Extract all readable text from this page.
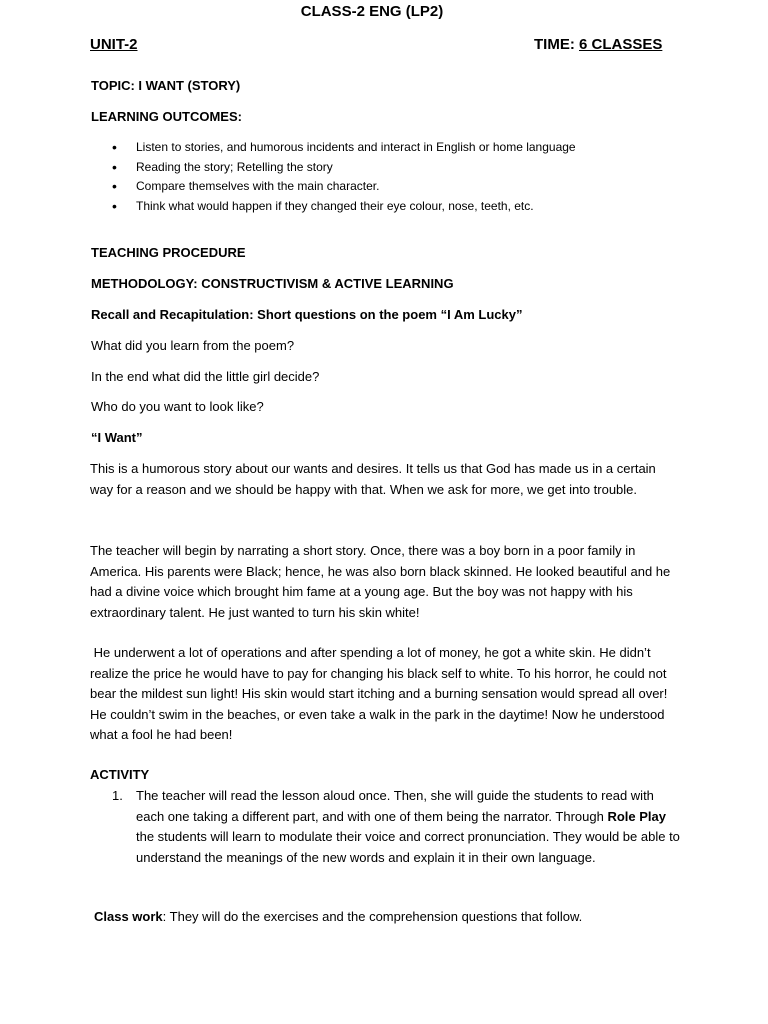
CLASS-2 ENG (LP2)
UNIT-2	TIME: 6 CLASSES
TOPIC: I WANT (STORY)
LEARNING OUTCOMES:
• Listen to stories, and humorous incidents and interact in English or home language
• Reading the story; Retelling the story
• Compare themselves with the main character.
• Think what would happen if they changed their eye colour, nose, teeth, etc.
TEACHING PROCEDURE
METHODOLOGY: CONSTRUCTIVISM & ACTIVE LEARNING
Recall and Recapitulation: Short questions on the poem “I Am Lucky”
What did you learn from the poem?
In the end what did the little girl decide?
Who do you want to look like?
“I Want”
This is a humorous story about our wants and desires. It tells us that God has made us in a certain way for a reason and we should be happy with that. When we ask for more, we get into trouble.
The teacher will begin by narrating a short story. Once, there was a boy born in a poor family in America. His parents were Black; hence, he was also born black skinned. He looked beautiful and he had a divine voice which brought him fame at a young age. But the boy was not happy with his extraordinary talent. He just wanted to turn his skin white!
He underwent a lot of operations and after spending a lot of money, he got a white skin. He didn’t realize the price he would have to pay for changing his black self to white. To his horror, he could not bear the mildest sun light! His skin would start itching and a burning sensation would spread all over! He couldn’t swim in the beaches, or even take a walk in the park in the daytime! Now he understood what a fool he had been!
ACTIVITY
1. The teacher will read the lesson aloud once. Then, she will guide the students to read with each one taking a different part, and with one of them being the narrator. Through Role Play the students will learn to modulate their voice and correct pronunciation. They would be able to understand the meanings of the new words and explain it in their own language.
Class work: They will do the exercises and the comprehension questions that follow.
